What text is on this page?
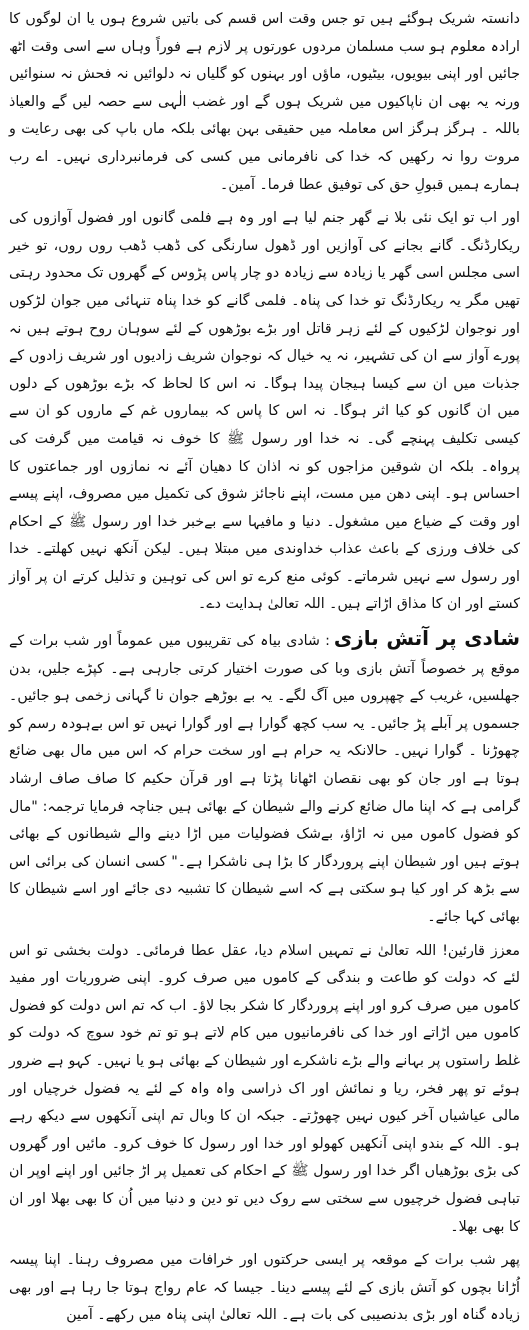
دانستہ شریک ہوگئے ہیں تو جس وقت اس قسم کی باتیں شروع ہوں یا ان لوگوں کا ارادہ معلوم ہو سب مسلمان مردوں عورتوں پر لازم ہے فوراً وہاں سے اسی وقت اٹھ جائیں اور اپنی بیویوں، بیٹیوں، ماؤں اور بہنوں کو گلیاں نہ دلوائیں نہ فحش نہ سنوائیں ورنہ یہ بھی ان ناپاکیوں میں شریک ہوں گے اور غضب الٰہی سے حصہ لیں گے والعیاذ باللہ ۔ ہرگز ہرگز اس معاملہ میں حقیقی بہن بھائی بلکہ ماں باپ کی بھی رعایت و مروت روا نہ رکھیں کہ خدا کی نافرمانی میں کسی کی فرمانبرداری نہیں۔ اے رب ہمارے ہمیں قبولِ حق کی توفیق عطا فرما۔ آمین۔

اور اب تو ایک نئی بلا نے گھر جنم لیا ہے اور وہ ہے فلمی گانوں اور فضول آوازوں کی ریکارڈنگ۔ گانے بجانے کی آوازیں اور ڈھول سارنگی کی ڈھب ڈھب روں روں، تو خیر اسی مجلس اسی گھر یا زیادہ سے زیادہ دو چار پاس پڑوس کے گھروں تک محدود رہتی تھیں مگر یہ ریکارڈنگ تو خدا کی پناہ۔ فلمی گانے کو خدا پناہ تنہائی میں جوان لڑکوں اور نوجوان لڑکیوں کے لئے زہر قاتل اور بڑے بوڑھوں کے لئے سوہان روح ہوتے ہیں نہ پورے آواز سے ان کی تشہیر، نہ یہ خیال کہ نوجوان شریف زادیوں اور شریف زادوں کے جذبات میں ان سے کیسا ہیجان پیدا ہوگا۔ نہ اس کا لحاظ کہ بڑے بوڑھوں کے دلوں میں ان گانوں کو کیا اثر ہوگا۔ نہ اس کا پاس کہ بیماروں غم کے ماروں کو ان سے کیسی تکلیف پہنچے گی۔ نہ خدا اور رسول ﷺ کا خوف نہ قیامت میں گرفت کی پرواہ۔ بلکہ ان شوقین مزاجوں کو نہ اذان کا دھیان آئے نہ نمازوں اور جماعتوں کا احساس ہو۔ اپنی دھن میں مست، اپنے ناجائز شوق کی تکمیل میں مصروف، اپنے پیسے اور وقت کے ضیاع میں مشغول۔ دنیا و مافیہا سے بےخبر خدا اور رسول ﷺ کے احکام کی خلاف ورزی کے باعث عذاب خداوندی میں مبتلا ہیں۔ لیکن آنکھ نہیں کھلتے۔ خدا اور رسول سے نہیں شرماتے۔ کوئی منع کرے تو اس کی توہین و تذلیل کرتے ان پر آواز کستے اور ان کا مذاق اڑاتے ہیں۔ اللہ تعالیٰ ہدایت دے۔

شادی پر آتش بازی: شادی بیاہ کی تقریبوں میں عموماً اور شب برات کے موقع پر خصوصاً آتش بازی وبا کی صورت اختیار کرتی جارہی ہے۔ کپڑے جلیں، بدن جھلسیں، غریب کے چھپروں میں آگ لگے۔ یہ بے بوڑھے جوان نا گہانی زخمی ہو جائیں۔ جسموں پر آبلے پڑ جائیں۔ یہ سب کچھ گوارا ہے اور گوارا نہیں تو اس بےہودہ رسم کو چھوڑنا ۔ گوارا نہیں۔ حالانکہ یہ حرام ہے اور سخت حرام کہ اس میں مال بھی ضائع ہوتا ہے اور جان کو بھی نقصان اٹھانا پڑتا ہے اور قرآن حکیم کا صاف صاف ارشاد گرامی ہے کہ اپنا مال ضائع کرنے والے شیطان کے بھائی ہیں جناچہ فرمایا ترجمہ: "مال کو فضول کاموں میں نہ اڑاؤ، بےشک فضولیات میں اڑا دینے والے شیطانوں کے بھائی ہوتے ہیں اور شیطان اپنے پروردگار کا بڑا ہی ناشکرا ہے۔" کسی انسان کی برائی اس سے بڑھ کر اور کیا ہو سکتی ہے کہ اسے شیطان کا تشبیہ دی جائے اور اسے شیطان کا بھائی کہا جائے۔

معزز قارئین! اللہ تعالیٰ نے تمہیں اسلام دیا، عقل عطا فرمائی۔ دولت بخشی تو اس لئے کہ دولت کو طاعت و بندگی کے کاموں میں صرف کرو۔ اپنی ضروریات اور مفید کاموں میں صرف کرو اور اپنے پروردگار کا شکر بجا لاؤ۔ اب کہ تم اس دولت کو فضول کاموں میں اڑاتے اور خدا کی نافرمانیوں میں کام لاتے ہو تو تم خود سوچ کہ دولت کو غلط راستوں پر بہانے والے بڑے ناشکرے اور شیطان کے بھائی ہو یا نہیں۔ کہو ہے ضرور ہوئے تو پھر فخر، ریا و نمائش اور اک ذراسی واہ واہ کے لئے یہ فضول خرچیاں اور مالی عیاشیاں آخر کیوں نہیں چھوڑتے۔ جبکہ ان کا وبال تم اپنی آنکھوں سے دیکھ رہے ہو۔ اللہ کے بندو اپنی آنکھیں کھولو اور خدا اور رسول کا خوف کرو۔ مائیں اور گھروں کی بڑی بوڑھیاں اگر خدا اور رسول ﷺ کے احکام کی تعمیل پر اڑ جائیں اور اپنے اوپر ان تباہی فضول خرچیوں سے سختی سے روک دیں تو دین و دنیا میں اُن کا بھی بھلا اور ان کا بھی بھلا۔

پھر شب برات کے موقعہ پر ایسی حرکتوں اور خرافات میں مصروف رہنا۔ اپنا پیسہ اُڑانا بچوں کو آتش بازی کے لئے پیسے دینا۔ جیسا کہ عام رواج ہوتا جا رہا ہے اور بھی زیادہ گناہ اور بڑی بدنصیبی کی بات ہے۔ اللہ تعالیٰ اپنی پناہ میں رکھے۔ آمین
